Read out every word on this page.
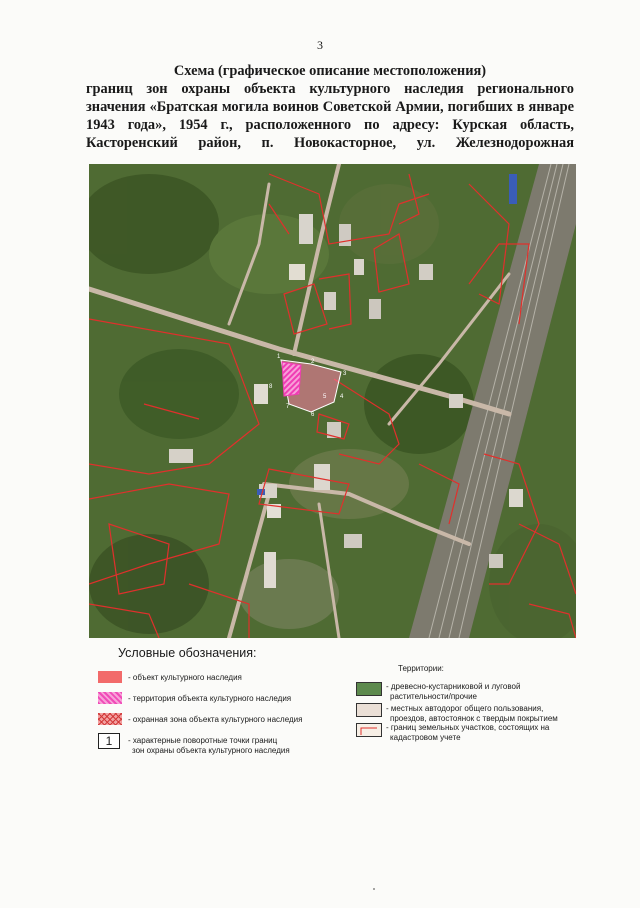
3
Схема (графическое описание местоположения)
границ зон охраны объекта культурного наследия регионального значения «Братская могила воинов Советской Армии, погибших в январе 1943 года», 1954 г., расположенного по адресу: Курская область, Касторенский район, п. Новокасторное, ул. Железнодорожная
1
2
3
4
5
6
7
8
Условные обозначения:
- объект культурного наследия
- территория объекта культурного наследия
- охранная зона объекта культурного наследия
1	- характерные поворотные точки границ
зон охраны объекта культурного наследия
Территории:
- древесно-кустарниковой и луговой
растительности/прочие
- местных автодорог общего пользования,
проездов, автостоянок с твердым покрытием
- границ земельных участков, состоящих на
кадастровом учете
